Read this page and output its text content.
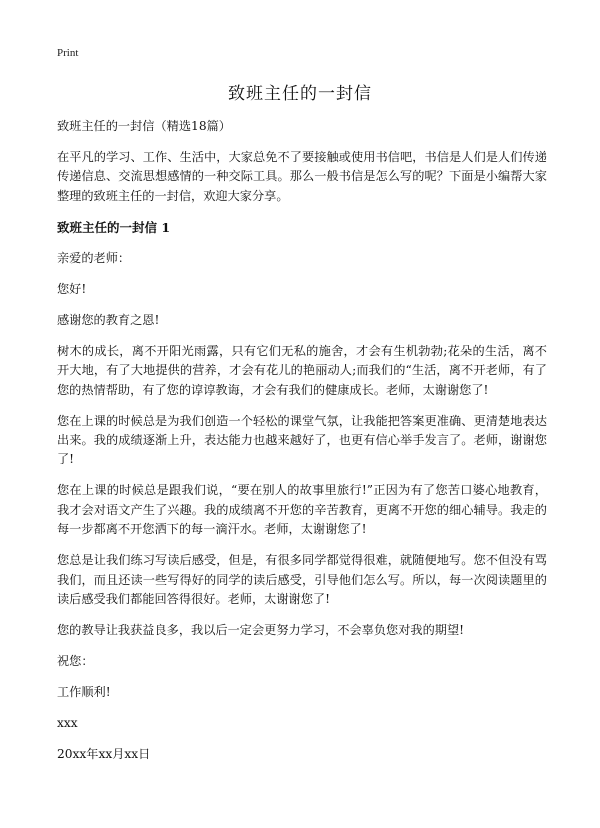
Print
致班主任的一封信

致班主任的一封信（精选18篇）

在平凡的学习、工作、生活中，大家总免不了要接触或使用书信吧，书信是人们是人们传递传递信息、交流思想感情的一种交际工具。那么一般书信是怎么写的呢？下面是小编帮大家整理的致班主任的一封信，欢迎大家分享。

致班主任的一封信 1

亲爱的老师：

您好!

感谢您的教育之恩!

树木的成长，离不开阳光雨露，只有它们无私的施舍，才会有生机勃勃;花朵的生活，离不开大地，有了大地提供的营养，才会有花儿的艳丽动人;而我们的“生活，离不开老师，有了您的热情帮助，有了您的谆谆教诲，才会有我们的健康成长。老师，太谢谢您了!

您在上课的时候总是为我们创造一个轻松的课堂气氛，让我能把答案更准确、更清楚地表达出来。我的成绩逐渐上升，表达能力也越来越好了，也更有信心举手发言了。老师，谢谢您了!

您在上课的时候总是跟我们说，“要在别人的故事里旅行!”正因为有了您苦口婆心地教育，我才会对语文产生了兴趣。我的成绩离不开您的辛苦教育，更离不开您的细心辅导。我走的每一步都离不开您洒下的每一滴汗水。老师，太谢谢您了!

您总是让我们练习写读后感受，但是，有很多同学都觉得很难，就随便地写。您不但没有骂我们，而且还读一些写得好的同学的读后感受，引导他们怎么写。所以，每一次阅读题里的读后感受我们都能回答得很好。老师，太谢谢您了!

您的教导让我获益良多，我以后一定会更努力学习，不会辜负您对我的期望!

祝您：

工作顺利!

xxx

20xx年xx月xx日
